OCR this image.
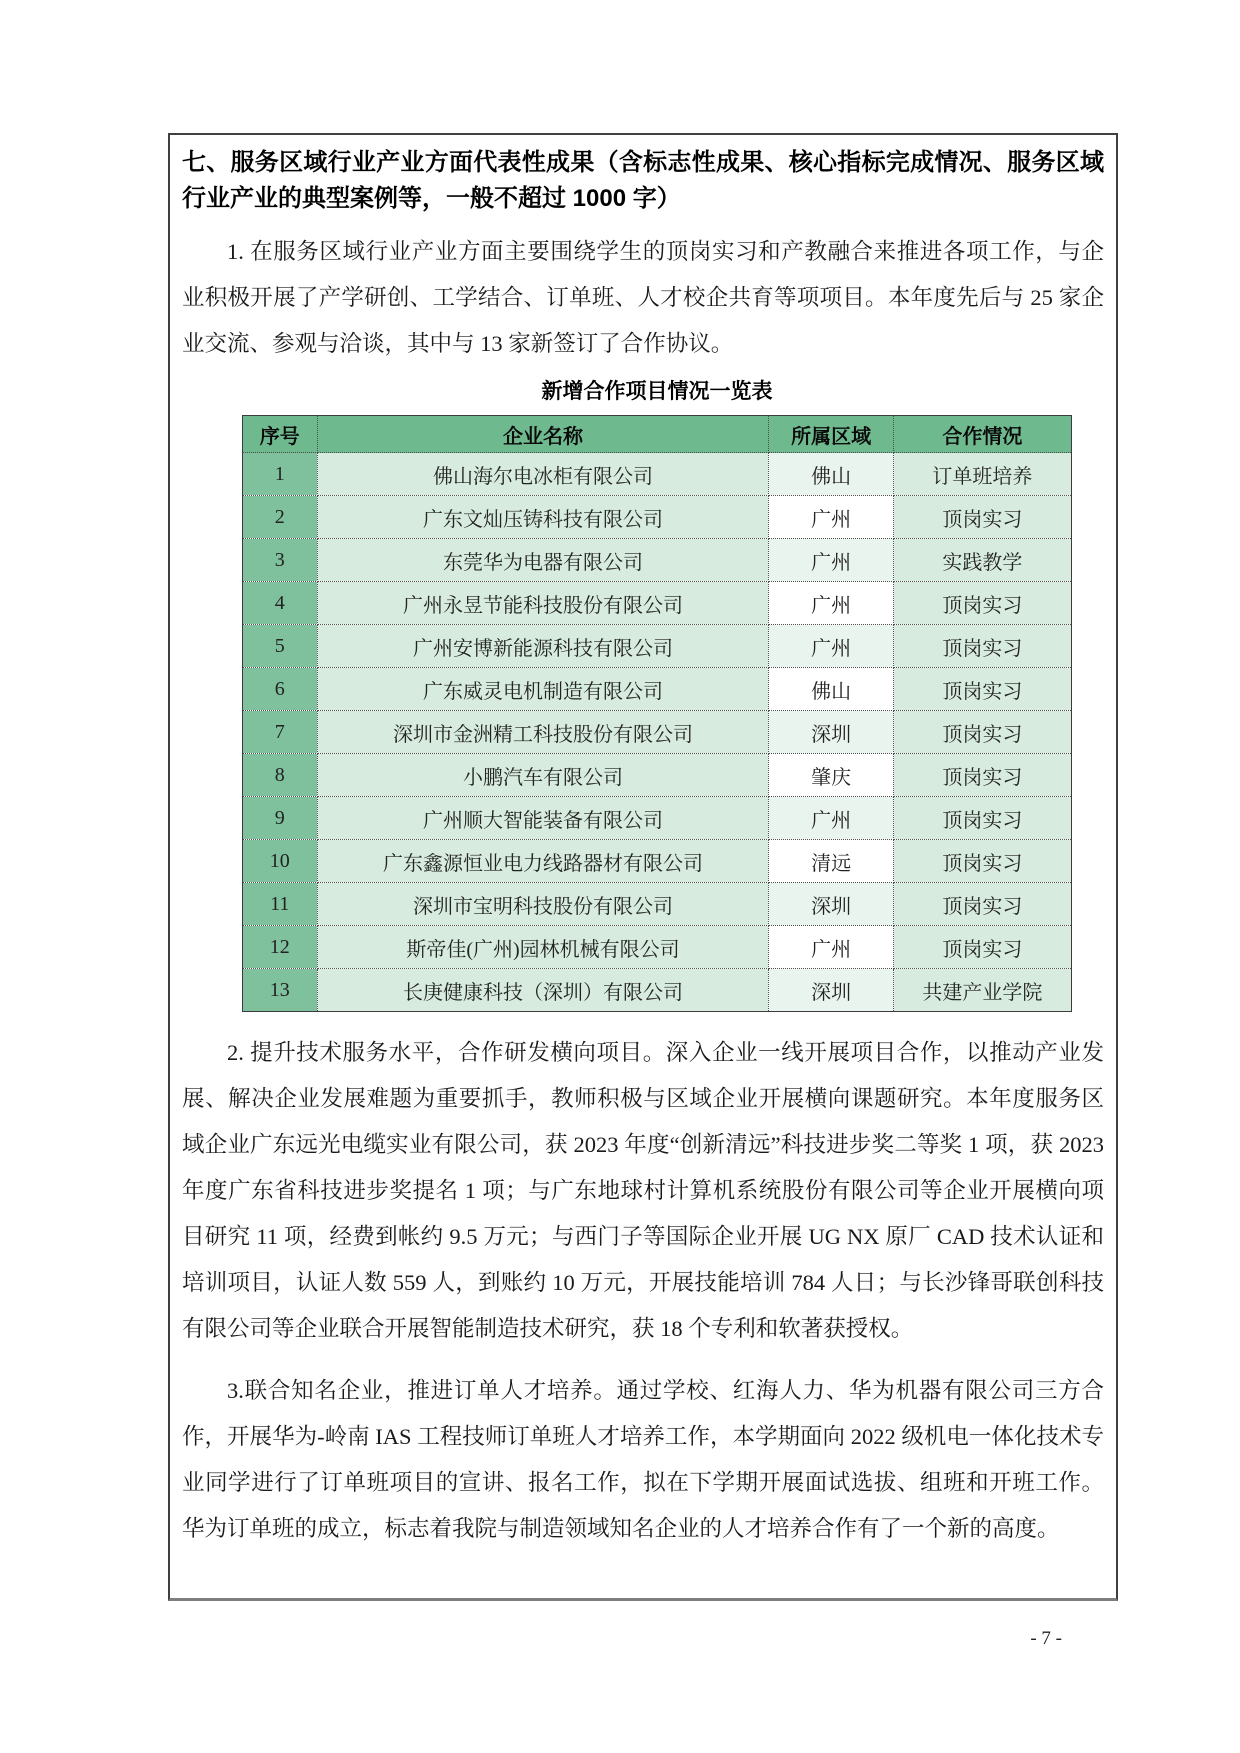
七、服务区域行业产业方面代表性成果（含标志性成果、核心指标完成情况、服务区域行业产业的典型案例等，一般不超过 1000 字）

1. 在服务区域行业产业方面主要围绕学生的顶岗实习和产教融合来推进各项工作，与企业积极开展了产学研创、工学结合、订单班、人才校企共育等项项目。本年度先后与 25 家企业交流、参观与洽谈，其中与 13 家新签订了合作协议。

新增合作项目情况一览表
序号	企业名称	所属区域	合作情况
1	佛山海尔电冰柜有限公司	佛山	订单班培养
2	广东文灿压铸科技有限公司	广州	顶岗实习
3	东莞华为电器有限公司	广州	实践教学
4	广州永昱节能科技股份有限公司	广州	顶岗实习
5	广州安博新能源科技有限公司	广州	顶岗实习
6	广东威灵电机制造有限公司	佛山	顶岗实习
7	深圳市金洲精工科技股份有限公司	深圳	顶岗实习
8	小鹏汽车有限公司	肇庆	顶岗实习
9	广州顺大智能装备有限公司	广州	顶岗实习
10	广东鑫源恒业电力线路器材有限公司	清远	顶岗实习
11	深圳市宝明科技股份有限公司	深圳	顶岗实习
12	斯帝佳(广州)园林机械有限公司	广州	顶岗实习
13	长庚健康科技（深圳）有限公司	深圳	共建产业学院

2. 提升技术服务水平，合作研发横向项目。深入企业一线开展项目合作，以推动产业发展、解决企业发展难题为重要抓手，教师积极与区域企业开展横向课题研究。本年度服务区域企业广东远光电缆实业有限公司，获 2023 年度“创新清远”科技进步奖二等奖 1 项，获 2023 年度广东省科技进步奖提名 1 项；与广东地球村计算机系统股份有限公司等企业开展横向项目研究 11 项，经费到帐约 9.5 万元；与西门子等国际企业开展 UG NX 原厂 CAD 技术认证和培训项目，认证人数 559 人，到账约 10 万元，开展技能培训 784 人日；与长沙锋哥联创科技有限公司等企业联合开展智能制造技术研究，获 18 个专利和软著获授权。

3.联合知名企业，推进订单人才培养。通过学校、红海人力、华为机器有限公司三方合作，开展华为-岭南 IAS 工程技师订单班人才培养工作，本学期面向 2022 级机电一体化技术专业同学进行了订单班项目的宣讲、报名工作，拟在下学期开展面试选拔、组班和开班工作。华为订单班的成立，标志着我院与制造领域知名企业的人才培养合作有了一个新的高度。

- 7 -
